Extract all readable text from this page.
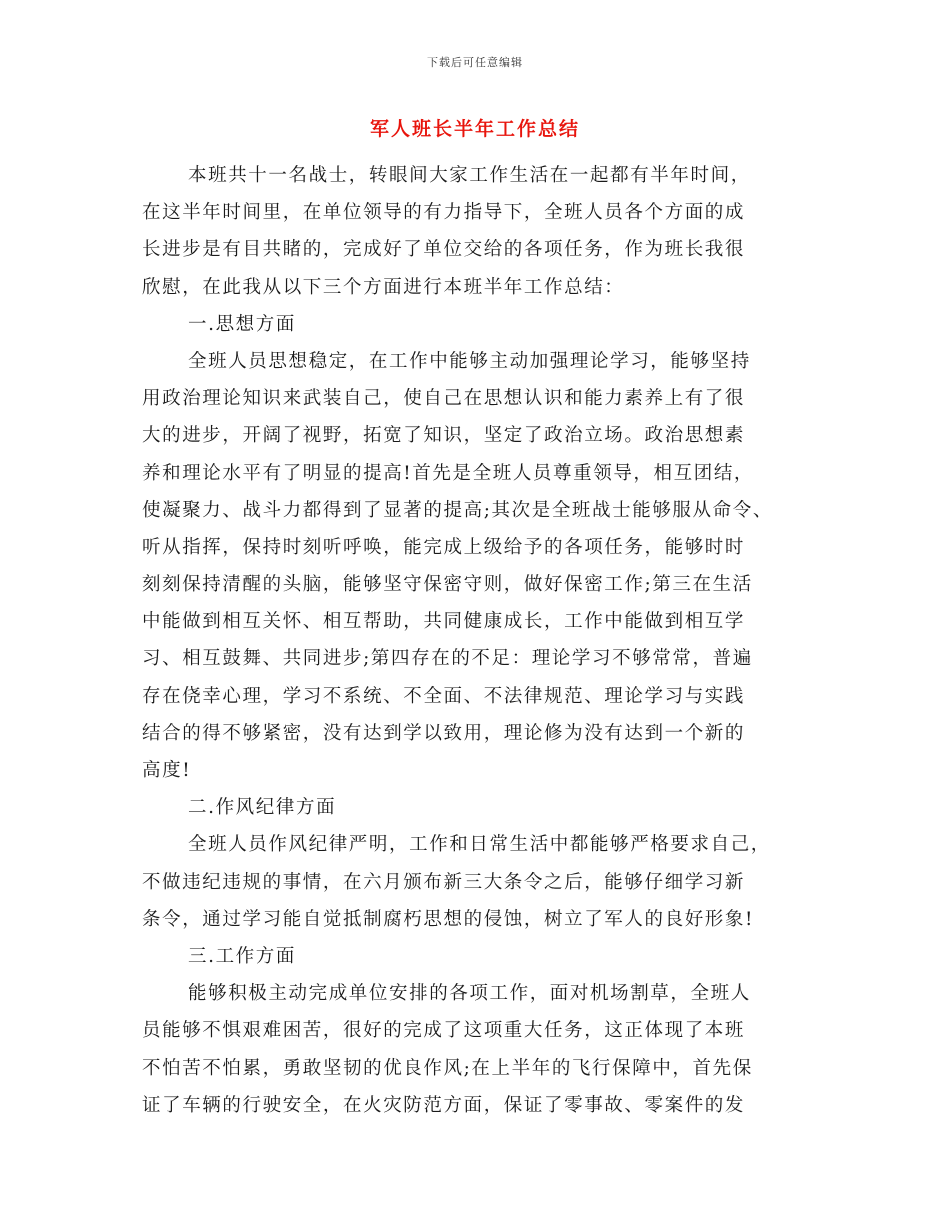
下载后可任意编辑
军人班长半年工作总结
本班共十一名战士，转眼间大家工作生活在一起都有半年时间，
在这半年时间里，在单位领导的有力指导下，全班人员各个方面的成
长进步是有目共睹的，完成好了单位交给的各项任务，作为班长我很
欣慰，在此我从以下三个方面进行本班半年工作总结：
一.思想方面
全班人员思想稳定，在工作中能够主动加强理论学习，能够坚持
用政治理论知识来武装自己，使自己在思想认识和能力素养上有了很
大的进步，开阔了视野，拓宽了知识，坚定了政治立场。政治思想素
养和理论水平有了明显的提高!首先是全班人员尊重领导，相互团结，
使凝聚力、战斗力都得到了显著的提高;其次是全班战士能够服从命令、
听从指挥，保持时刻听呼唤，能完成上级给予的各项任务，能够时时
刻刻保持清醒的头脑，能够坚守保密守则，做好保密工作;第三在生活
中能做到相互关怀、相互帮助，共同健康成长，工作中能做到相互学
习、相互鼓舞、共同进步;第四存在的不足：理论学习不够常常，普遍
存在侥幸心理，学习不系统、不全面、不法律规范、理论学习与实践
结合的得不够紧密，没有达到学以致用，理论修为没有达到一个新的
高度!
二.作风纪律方面
全班人员作风纪律严明，工作和日常生活中都能够严格要求自己，
不做违纪违规的事情，在六月颁布新三大条令之后，能够仔细学习新
条令，通过学习能自觉抵制腐朽思想的侵蚀，树立了军人的良好形象!
三.工作方面
能够积极主动完成单位安排的各项工作，面对机场割草，全班人
员能够不惧艰难困苦，很好的完成了这项重大任务，这正体现了本班
不怕苦不怕累，勇敢坚韧的优良作风;在上半年的飞行保障中，首先保
证了车辆的行驶安全，在火灾防范方面，保证了零事故、零案件的发
